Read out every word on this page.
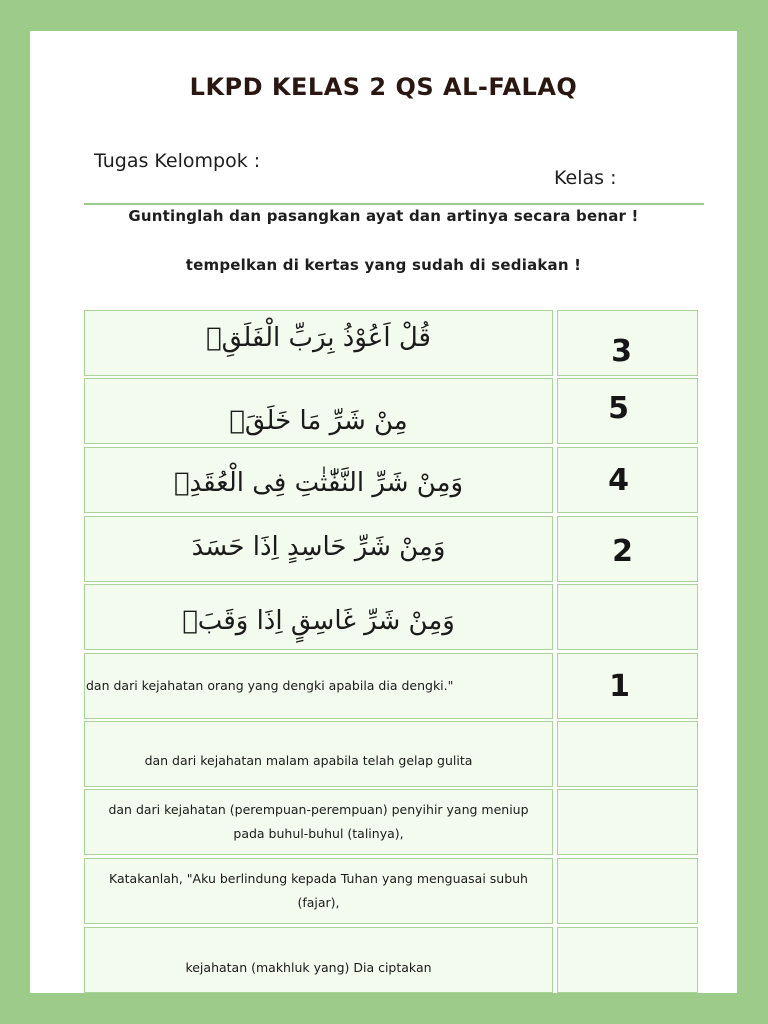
LKPD KELAS 2 QS AL-FALAQ
Tugas Kelompok :
Kelas :
Guntinglah dan pasangkan ayat dan artinya secara benar !
tempelkan di kertas yang sudah di sediakan !
قُلْ اَعُوْذُ بِرَبِّ الْفَلَقِۙ	3
مِنْ شَرِّ مَا خَلَقَۙ	5
وَمِنْ شَرِّ النَّفّٰثٰتِ فِى الْعُقَدِۙ	4
وَمِنْ شَرِّ حَاسِدٍ اِذَا حَسَدَ	2
وَمِنْ شَرِّ غَاسِقٍ اِذَا وَقَبَۙ
dan dari kejahatan orang yang dengki apabila dia dengki."	1
dan dari kejahatan malam apabila telah gelap gulita
dan dari kejahatan (perempuan-perempuan) penyihir yang meniup pada buhul-buhul (talinya),
Katakanlah, "Aku berlindung kepada Tuhan yang menguasai subuh (fajar),
kejahatan (makhluk yang) Dia ciptakan
